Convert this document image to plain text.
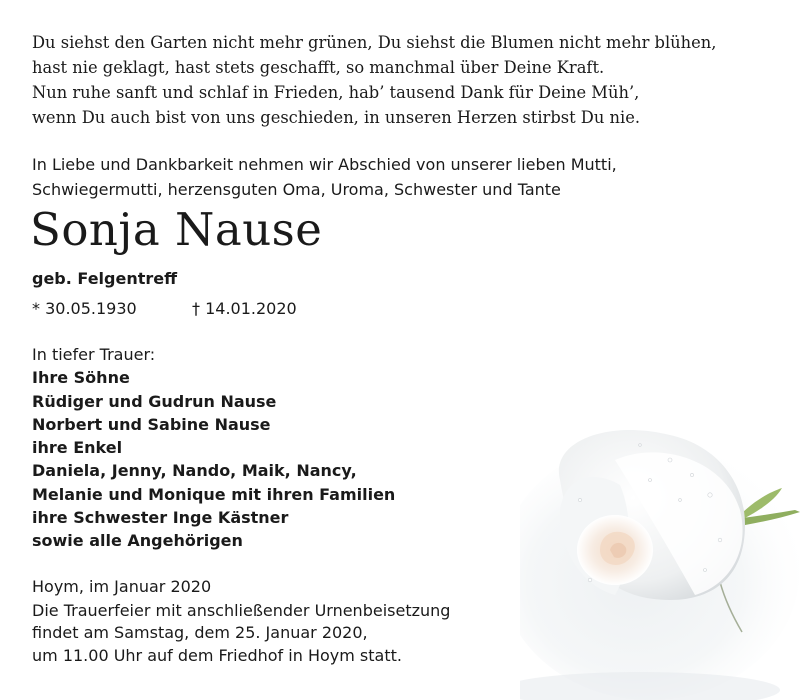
Du siehst den Garten nicht mehr grünen, Du siehst die Blumen nicht mehr blühen,
hast nie geklagt, hast stets geschafft, so manchmal über Deine Kraft.
Nun ruhe sanft und schlaf in Frieden, hab’ tausend Dank für Deine Müh’,
wenn Du auch bist von uns geschieden, in unseren Herzen stirbst Du nie.
In Liebe und Dankbarkeit nehmen wir Abschied von unserer lieben Mutti,
Schwiegermutti, herzensguten Oma, Uroma, Schwester und Tante
Sonja Nause
geb. Felgentreff
* 30.05.1930	† 14.01.2020
In tiefer Trauer:
Ihre Söhne
Rüdiger und Gudrun Nause
Norbert und Sabine Nause
ihre Enkel
Daniela, Jenny, Nando, Maik, Nancy,
Melanie und Monique mit ihren Familien
ihre Schwester Inge Kästner
sowie alle Angehörigen
Hoym, im Januar 2020
Die Trauerfeier mit anschließender Urnenbeisetzung
findet am Samstag, dem 25. Januar 2020,
um 11.00 Uhr auf dem Friedhof in Hoym statt.
